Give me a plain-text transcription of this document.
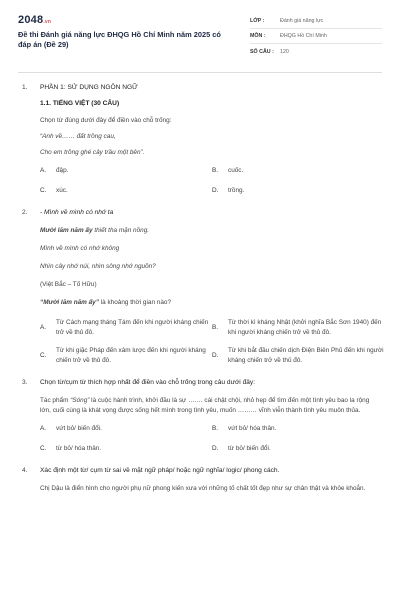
2048.vn
Đề thi Đánh giá năng lực ĐHQG Hồ Chí Minh năm 2025 có đáp án (Đề 29)
LỚP :	Đánh giá năng lực
MÔN :	ĐHQG Hồ Chí Minh
SỐ CÂU :	120
1.	PHẦN 1: SỬ DỤNG NGÔN NGỮ
1.1. TIẾNG VIỆT (30 CÂU)
Chọn từ đúng dưới đây để điền vào chỗ trống:
“Anh về…… đất trồng cau,
Cho em trồng ghé cây trầu một bên”.
A.	đập.	B.	cuốc.
C.	xúc.	D.	trồng.
2.	- Mình về mình có nhớ ta
Mười lăm năm ấy thiết tha mặn nồng.
Mình về mình có nhớ không
Nhìn cây nhớ núi, nhìn sông nhớ nguồn?
(Việt Bắc – Tố Hữu)
“Mười lăm năm ấy” là khoảng thời gian nào?
A.
Từ Cách mạng tháng Tám đến khi người kháng chiến trở về thủ đô.
B.
Từ thời kì kháng Nhật (khởi nghĩa Bắc Sơn 1940) đến khi người kháng chiến trở về thủ đô.
C.
Từ khi giặc Pháp đến xâm lược đến khi người kháng chiến trở về thủ đô.
D.
Từ khi bắt đầu chiến dịch Điện Biên Phủ đến khi người kháng chiến trở về thủ đô.
3.	Chọn từ/cụm từ thích hợp nhất để điền vào chỗ trống trong câu dưới đây:
Tác phẩm “Sóng” là cuộc hành trình, khởi đầu là sự ……. cái chật chội, nhỏ hẹp để tìm đến một tình yêu bao la rộng lớn, cuối cùng là khát vọng được sống hết mình trong tình yêu, muốn ……… vĩnh viễn thành tình yêu muôn thủa.
A.	vứt bỏ/ biến đổi.	B.	vứt bỏ/ hóa thân.
C.	từ bỏ/ hóa thân.	D.	từ bỏ/ biến đổi.
4.	Xác định một từ/ cụm từ sai về mặt ngữ pháp/ hoặc ngữ nghĩa/ logic/ phong cách.
Chị Dậu là điển hình cho người phụ nữ phong kiến xưa với những tố chất tốt đẹp như sự chân thật và khỏe khoắn.
